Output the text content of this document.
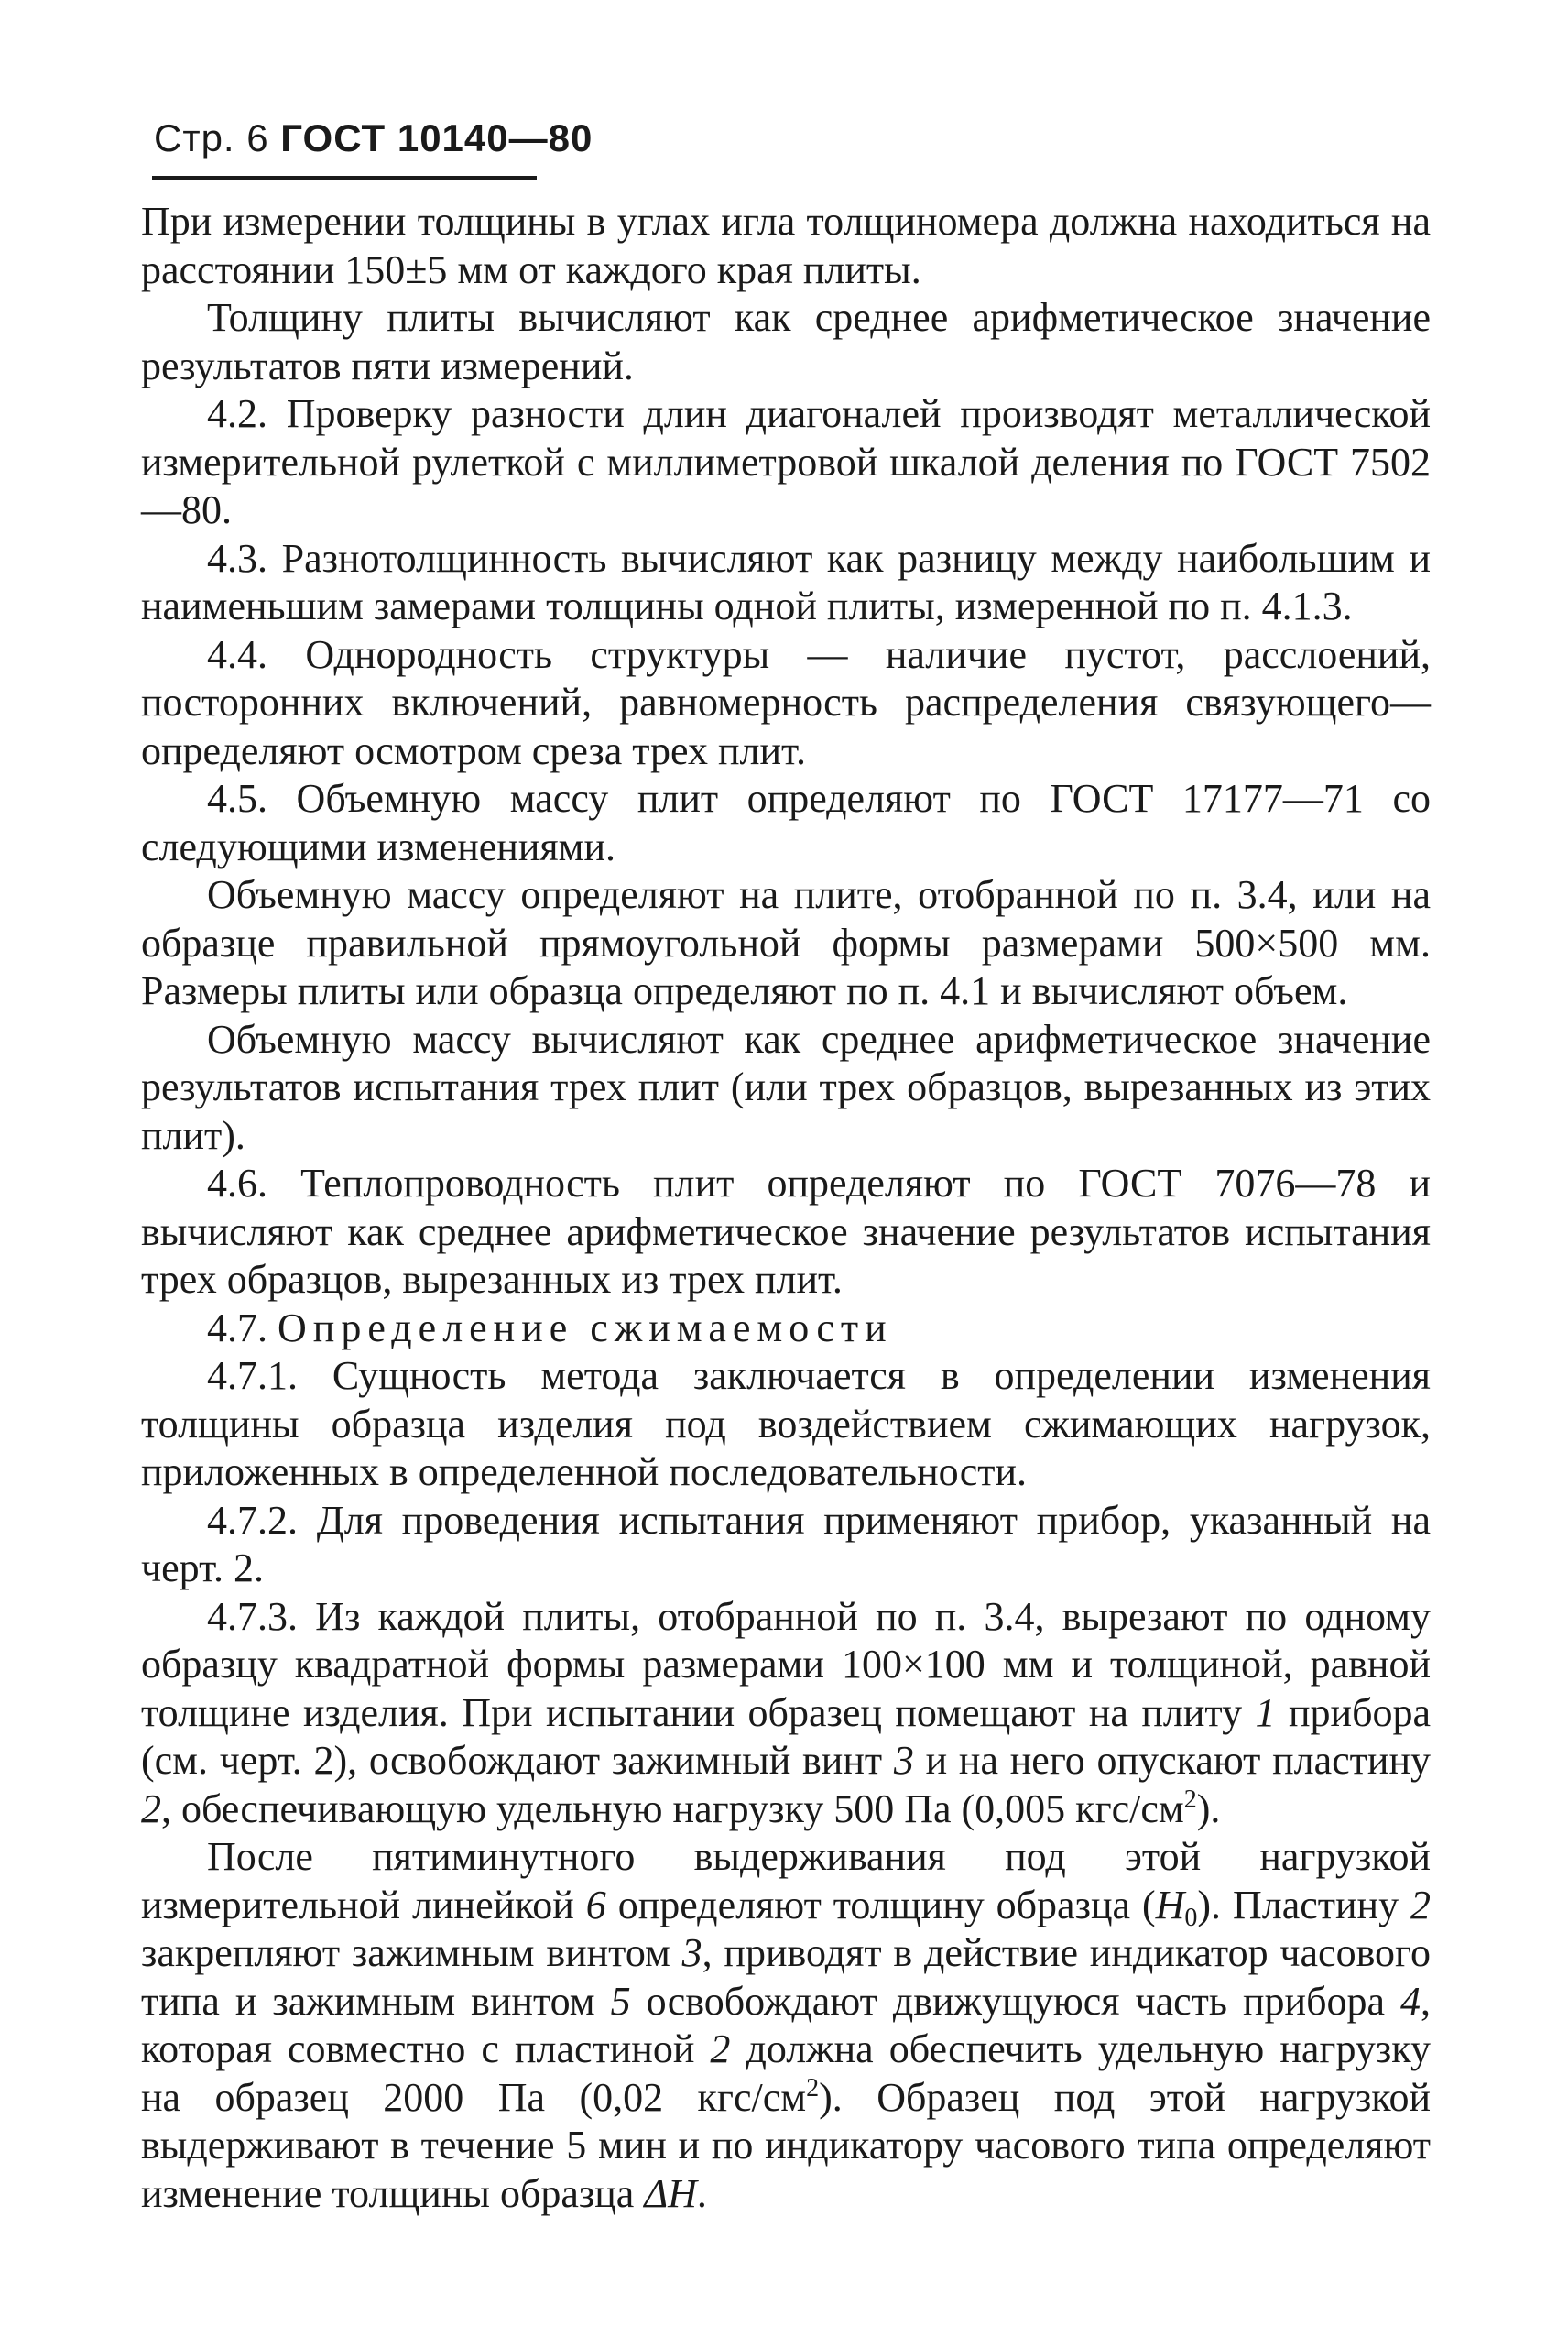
Стр. 6 ГОСТ 10140—80

При измерении толщины в углах игла толщиномера должна находиться на расстоянии 150±5 мм от каждого края плиты.

Толщину плиты вычисляют как среднее арифметическое значение результатов пяти измерений.

4.2. Проверку разности длин диагоналей производят металлической измерительной рулеткой с миллиметровой шкалой деления по ГОСТ 7502—80.

4.3. Разнотолщинность вычисляют как разницу между наибольшим и наименьшим замерами толщины одной плиты, измеренной по п. 4.1.3.

4.4. Однородность структуры — наличие пустот, расслоений, посторонних включений, равномерность распределения связующего— определяют осмотром среза трех плит.

4.5. Объемную массу плит определяют по ГОСТ 17177—71 со следующими изменениями.

Объемную массу определяют на плите, отобранной по п. 3.4, или на образце правильной прямоугольной формы размерами 500×500 мм. Размеры плиты или образца определяют по п. 4.1 и вычисляют объем.

Объемную массу вычисляют как среднее арифметическое значение результатов испытания трех плит (или трех образцов, вырезанных из этих плит).

4.6. Теплопроводность плит определяют по ГОСТ 7076—78 и вычисляют как среднее арифметическое значение результатов испытания трех образцов, вырезанных из трех плит.

4.7. Определение сжимаемости

4.7.1. Сущность метода заключается в определении изменения толщины образца изделия под воздействием сжимающих нагрузок, приложенных в определенной последовательности.

4.7.2. Для проведения испытания применяют прибор, указанный на черт. 2.

4.7.3. Из каждой плиты, отобранной по п. 3.4, вырезают по одному образцу квадратной формы размерами 100×100 мм и толщиной, равной толщине изделия. При испытании образец помещают на плиту 1 прибора (см. черт. 2), освобождают зажимный винт 3 и на него опускают пластину 2, обеспечивающую удельную нагрузку 500 Па (0,005 кгс/$см^2$).

После пятиминутного выдерживания под этой нагрузкой измерительной линейкой 6 определяют толщину образца $(H_0)$. Пластину 2 закрепляют зажимным винтом 3, приводят в действие индикатор часового типа и зажимным винтом 5 освобождают движущуюся часть прибора 4, которая совместно с пластиной 2 должна обеспечить удельную нагрузку на образец 2000 Па (0,02 кгс/$см^2$). Образец под этой нагрузкой выдерживают в течение 5 мин и по индикатору часового типа определяют изменение толщины образца ΔH.
